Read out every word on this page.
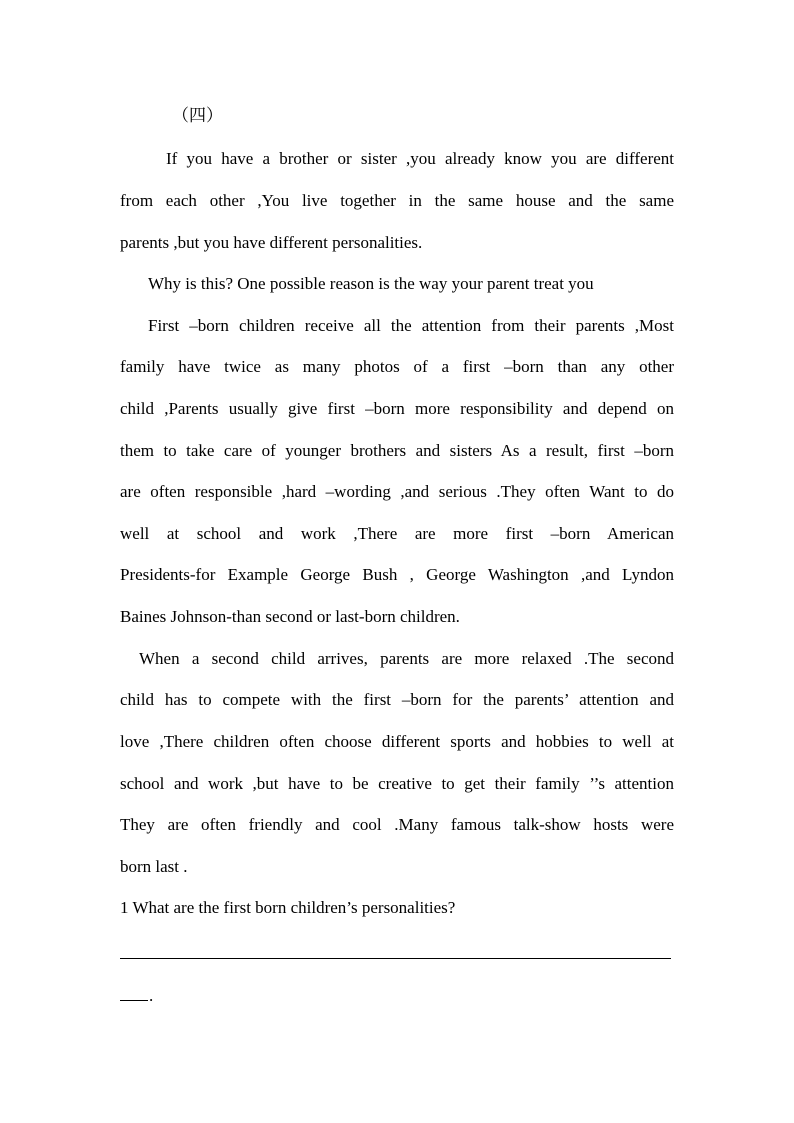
（四）
If you have a brother or sister ,you already know you are different
from each other ,You live together in the same house and the same
parents ,but you have different personalities.
Why is this? One possible reason is the way your parent treat you
First –born children receive all the attention from their parents ,Most
family have twice as many photos of a first –born than any other
child ,Parents usually give first –born more responsibility and depend on
them to take care of younger brothers and sisters As a result, first –born
are often responsible ,hard –wording ,and serious .They often Want to do
well at school and work ,There are more first –born American
Presidents-for Example George Bush , George Washington ,and Lyndon
Baines Johnson-than second or last-born children.
When a second child arrives, parents are more relaxed .The second
child has to compete with the first –born for the parents’ attention and
love ,There children often choose different sports and hobbies to well at
school and work ,but have to be creative to get their family ’’s attention
They are often friendly and cool .Many famous talk-show hosts were
born last .
1 What are the first born children’s personalities?
.
